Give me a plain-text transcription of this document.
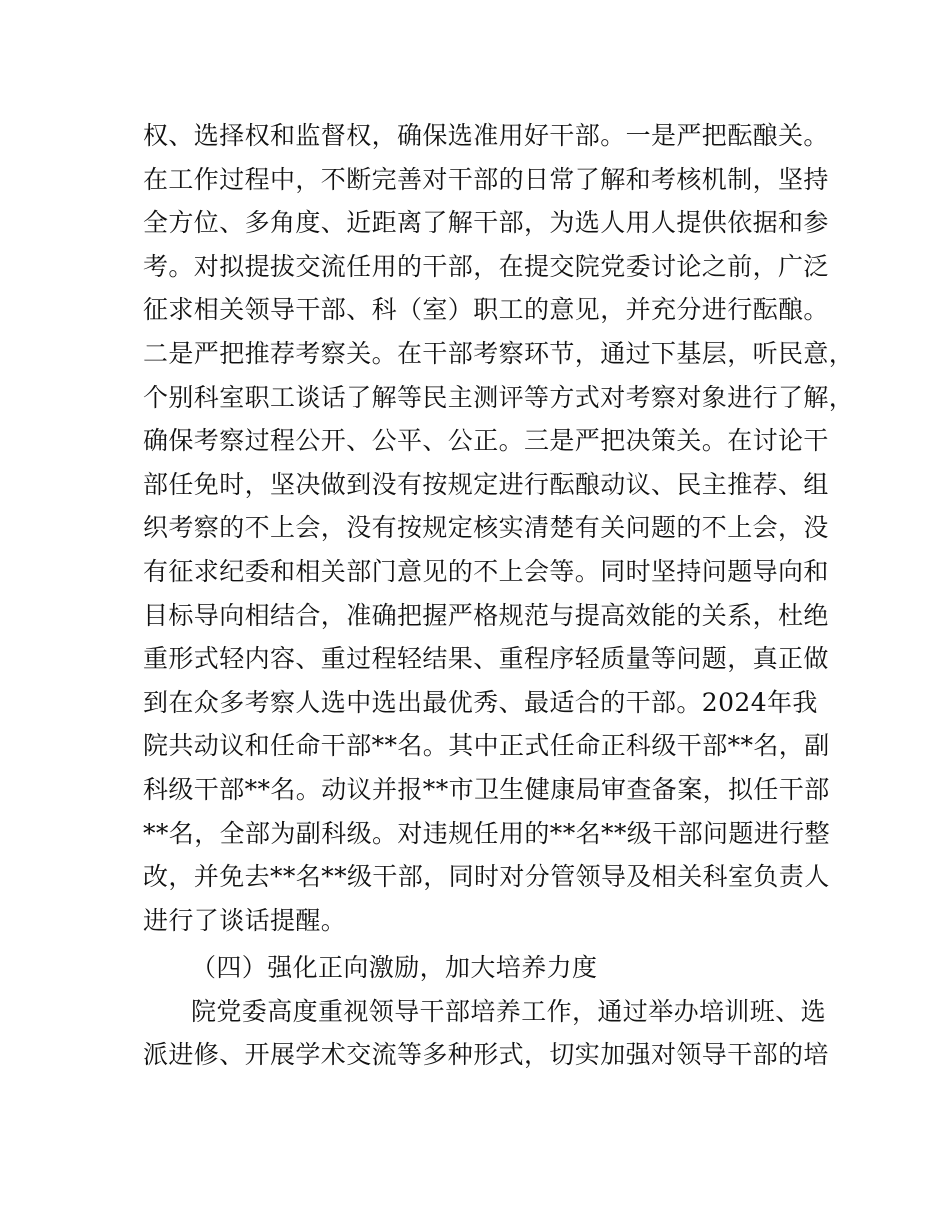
权、选择权和监督权，确保选准用好干部。一是严把酝酿关。
在工作过程中，不断完善对干部的日常了解和考核机制，坚持
全方位、多角度、近距离了解干部，为选人用人提供依据和参
考。对拟提拔交流任用的干部，在提交院党委讨论之前，广泛
征求相关领导干部、科（室）职工的意见，并充分进行酝酿。
二是严把推荐考察关。在干部考察环节，通过下基层，听民意，
个别科室职工谈话了解等民主测评等方式对考察对象进行了解，
确保考察过程公开、公平、公正。三是严把决策关。在讨论干
部任免时，坚决做到没有按规定进行酝酿动议、民主推荐、组
织考察的不上会，没有按规定核实清楚有关问题的不上会，没
有征求纪委和相关部门意见的不上会等。同时坚持问题导向和
目标导向相结合，准确把握严格规范与提高效能的关系，杜绝
重形式轻内容、重过程轻结果、重程序轻质量等问题，真正做
到在众多考察人选中选出最优秀、最适合的干部。2024年我
院共动议和任命干部**名。其中正式任命正科级干部**名，副
科级干部**名。动议并报**市卫生健康局审查备案，拟任干部
**名，全部为副科级。对违规任用的**名**级干部问题进行整
改，并免去**名**级干部，同时对分管领导及相关科室负责人
进行了谈话提醒。
（四）强化正向激励，加大培养力度
院党委高度重视领导干部培养工作，通过举办培训班、选
派进修、开展学术交流等多种形式，切实加强对领导干部的培
